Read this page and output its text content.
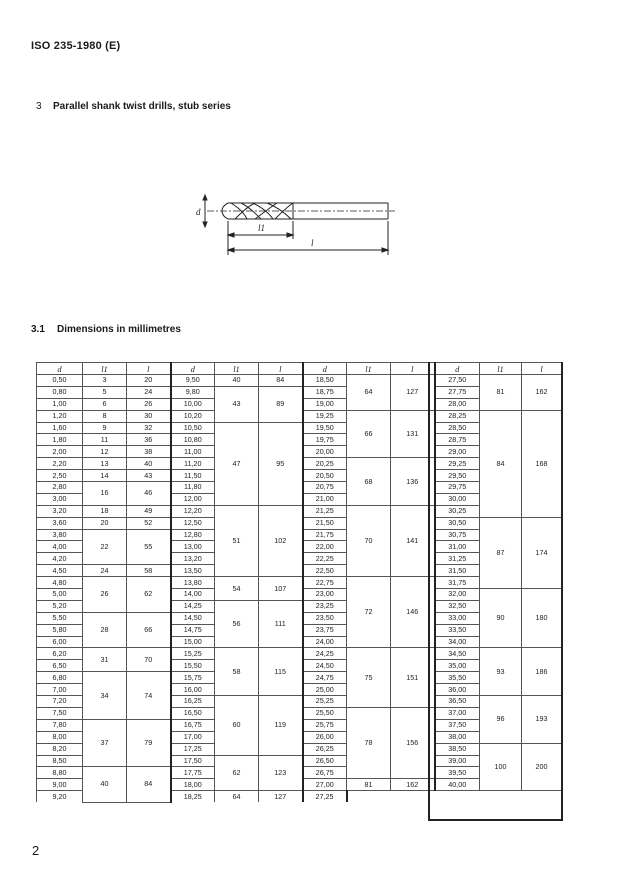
ISO 235-1980 (E)
3 Parallel shank twist drills, stub series
d
l1
l
3.1 Dimensions in millimetres
d	l1	l	d	l1	l	d	l1	l	d	l1	l
0,50	3	20	9,50	40	84	18,50	64	127	27,50	81	162
0,80	5	24	9,80	43	89	18,75			27,75		
1,00	6	26	10,00			19,00			28,00		
1,20	8	30	10,20			19,25	66	131	28,25	84	168
1,60	9	32	10,50	47	95	19,50			28,50		
1,80	11	36	10,80			19,75			28,75		
2,00	12	38	11,00			20,00			29,00		
2,20	13	40	11,20			20,25	68	136	29,25		
2,50	14	43	11,50			20,50			29,50		
2,80	16	46	11,80			20,75			29,75		
3,00			12,00			21,00			30,00		
3,20	18	49	12,20	51	102	21,25	70	141	30,25		
3,60	20	52	12,50			21,50			30,50	87	174
3,80	22	55	12,80			21,75			30,75		
4,00			13,00			22,00			31,00		
4,20			13,20			22,25			31,25		
4,50	24	58	13,50			22,50			31,50		
4,80	26	62	13,80	54	107	22,75	72	146	31,75		
5,00			14,00			23,00			32,00	90	180
5,20			14,25	56	111	23,25			32,50		
5,50	28	66	14,50			23,50			33,00		
5,80			14,75			23,75			33,50		
6,00			15,00			24,00			34,00		
6,20	31	70	15,25	58	115	24,25	75	151	34,50	93	186
6,50			15,50			24,50			35,00		
6,80	34	74	15,75			24,75			35,50		
7,00			16,00			25,00			36,00		
7,20			16,25	60	119	25,25			36,50	96	193
7,50			16,50			25,50	78	156	37,00		
7,80	37	79	16,75			25,75			37,50		
8,00			17,00			26,00			38,00		
8,20			17,25			26,25			38,50	100	200
8,50			17,50	62	123	26,50			39,00		
8,80	40	84	17,75			26,75			39,50		
9,00			18,00			27,00	81	162	40,00		
9,20			18,25	64	127	27,25					
2
